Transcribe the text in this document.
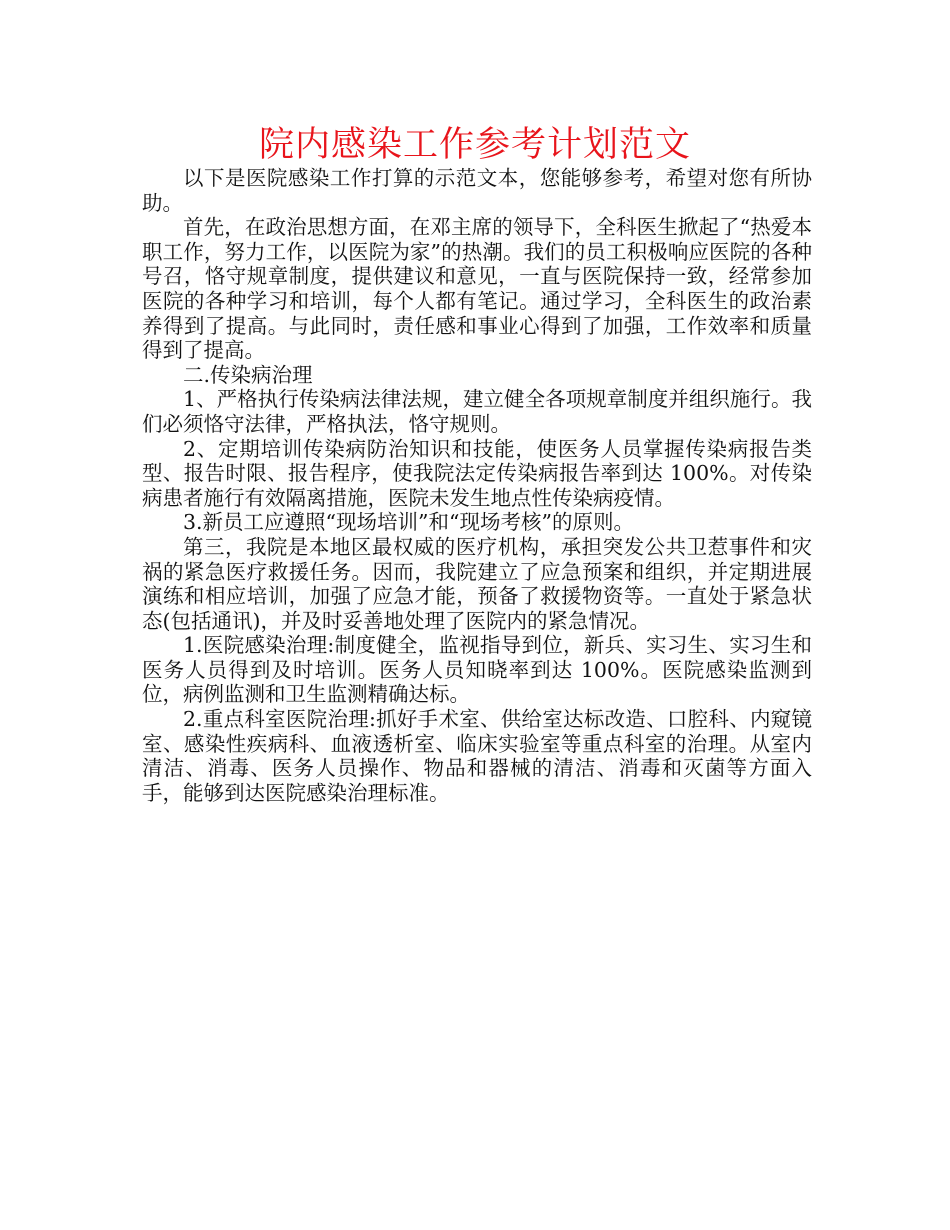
院内感染工作参考计划范文

以下是医院感染工作打算的示范文本，您能够参考，希望对您有所协助。

首先，在政治思想方面，在邓主席的领导下，全科医生掀起了“热爱本职工作，努力工作，以医院为家”的热潮。我们的员工积极响应医院的各种号召，恪守规章制度，提供建议和意见，一直与医院保持一致，经常参加医院的各种学习和培训，每个人都有笔记。通过学习，全科医生的政治素养得到了提高。与此同时，责任感和事业心得到了加强，工作效率和质量得到了提高。

二.传染病治理

1、严格执行传染病法律法规，建立健全各项规章制度并组织施行。我们必须恪守法律，严格执法，恪守规则。

2、定期培训传染病防治知识和技能，使医务人员掌握传染病报告类型、报告时限、报告程序，使我院法定传染病报告率到达 100%。对传染病患者施行有效隔离措施，医院未发生地点性传染病疫情。

3.新员工应遵照“现场培训”和“现场考核”的原则。

第三，我院是本地区最权威的医疗机构，承担突发公共卫惹事件和灾祸的紧急医疗救援任务。因而，我院建立了应急预案和组织，并定期进展演练和相应培训，加强了应急才能，预备了救援物资等。一直处于紧急状态(包括通讯)，并及时妥善地处理了医院内的紧急情况。

1.医院感染治理:制度健全，监视指导到位，新兵、实习生、实习生和医务人员得到及时培训。医务人员知晓率到达 100%。医院感染监测到位，病例监测和卫生监测精确达标。

2.重点科室医院治理:抓好手术室、供给室达标改造、口腔科、内窥镜室、感染性疾病科、血液透析室、临床实验室等重点科室的治理。从室内清洁、消毒、医务人员操作、物品和器械的清洁、消毒和灭菌等方面入手，能够到达医院感染治理标准。
